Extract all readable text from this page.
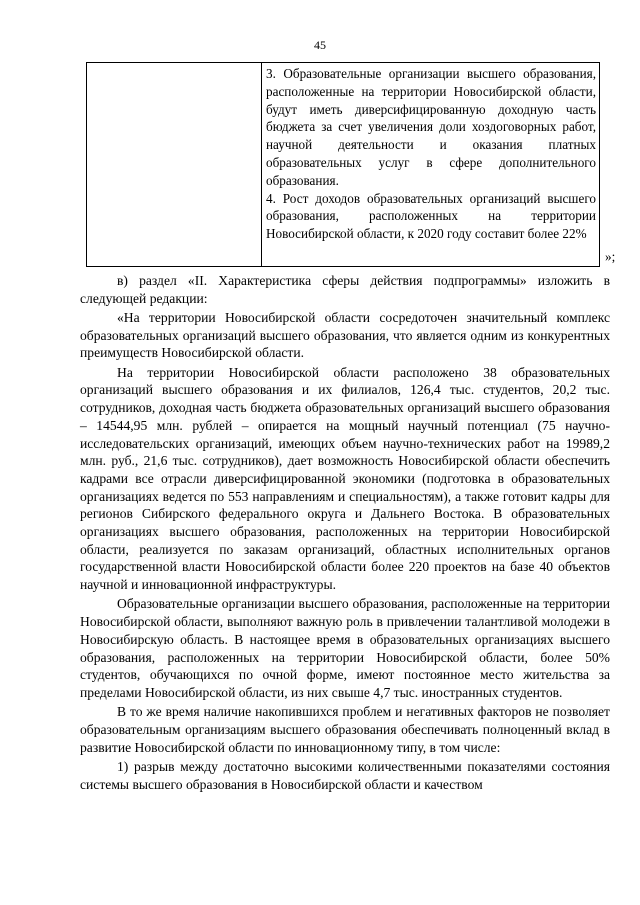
45

3. Образовательные организации высшего образования, расположенные на территории Новосибирской области, будут иметь диверсифицированную доходную часть бюджета за счет увеличения доли хоздоговорных работ, научной деятельности и оказания платных образовательных услуг в сфере дополнительного образования.

4. Рост доходов образовательных организаций высшего образования, расположенных на территории Новосибирской области, к 2020 году составит более 22%

»;

в) раздел «II. Характеристика сферы действия подпрограммы» изложить в следующей редакции:

«На территории Новосибирской области сосредоточен значительный комплекс образовательных организаций высшего образования, что является одним из конкурентных преимуществ Новосибирской области.

На территории Новосибирской области расположено 38 образовательных организаций высшего образования и их филиалов, 126,4 тыс. студентов, 20,2 тыс. сотрудников, доходная часть бюджета образовательных организаций высшего образования – 14544,95 млн. рублей – опирается на мощный научный потенциал (75 научно-исследовательских организаций, имеющих объем научно-технических работ на 19989,2 млн. руб., 21,6 тыс. сотрудников), дает возможность Новосибирской области обеспечить кадрами все отрасли диверсифицированной экономики (подготовка в образовательных организациях ведется по 553 направлениям и специальностям), а также готовит кадры для регионов Сибирского федерального округа и Дальнего Востока. В образовательных организациях высшего образования, расположенных на территории Новосибирской области, реализуется по заказам организаций, областных исполнительных органов государственной власти Новосибирской области более 220 проектов на базе 40 объектов научной и инновационной инфраструктуры.

Образовательные организации высшего образования, расположенные на территории Новосибирской области, выполняют важную роль в привлечении талантливой молодежи в Новосибирскую область. В настоящее время в образовательных организациях высшего образования, расположенных на территории Новосибирской области, более 50% студентов, обучающихся по очной форме, имеют постоянное место жительства за пределами Новосибирской области, из них свыше 4,7 тыс. иностранных студентов.

В то же время наличие накопившихся проблем и негативных факторов не позволяет образовательным организациям высшего образования обеспечивать полноценный вклад в развитие Новосибирской области по инновационному типу, в том числе:

1) разрыв между достаточно высокими количественными показателями состояния системы высшего образования в Новосибирской области и качеством
